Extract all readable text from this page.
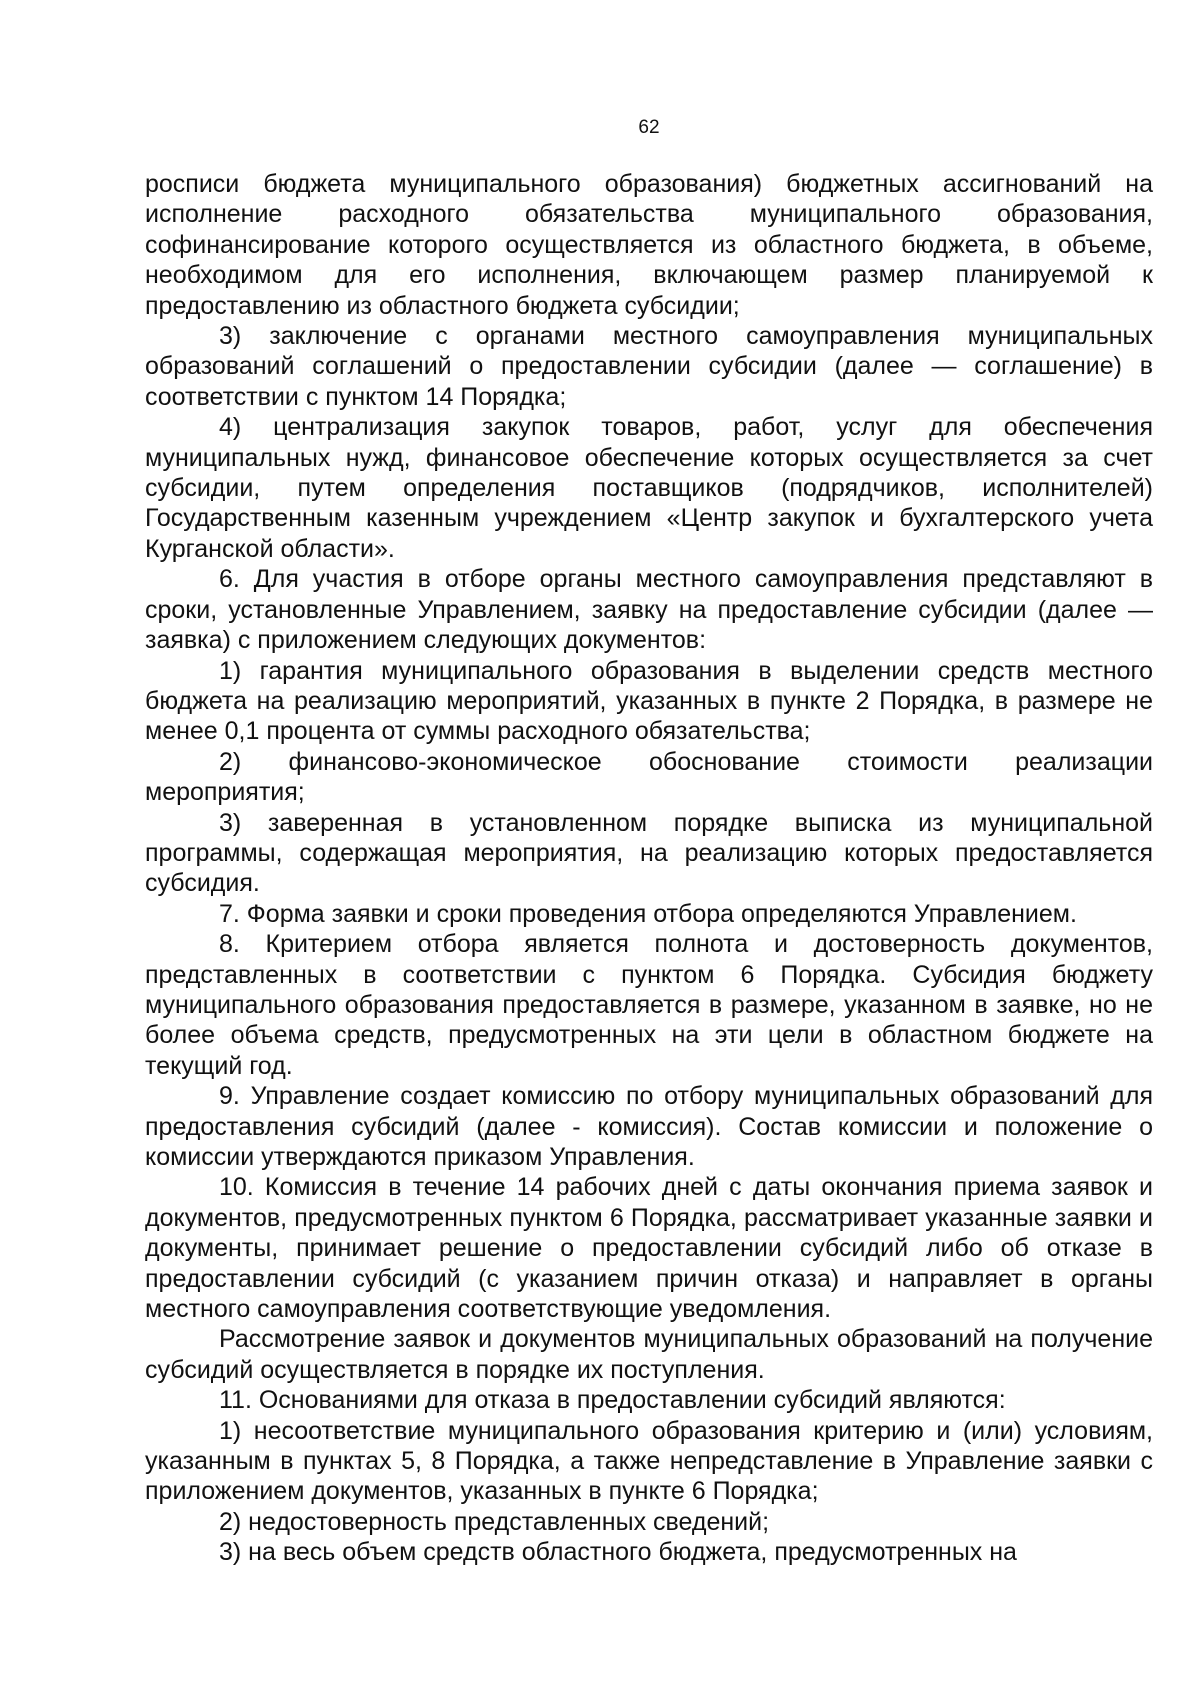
62

росписи бюджета муниципального образования) бюджетных ассигнований на исполнение расходного обязательства муниципального образования, софинансирование которого осуществляется из областного бюджета, в объеме, необходимом для его исполнения, включающем размер планируемой к предоставлению из областного бюджета субсидии;

3) заключение с органами местного самоуправления муниципальных образований соглашений о предоставлении субсидии (далее — соглашение) в соответствии с пунктом 14 Порядка;

4) централизация закупок товаров, работ, услуг для обеспечения муниципальных нужд, финансовое обеспечение которых осуществляется за счет субсидии, путем определения поставщиков (подрядчиков, исполнителей) Государственным казенным учреждением «Центр закупок и бухгалтерского учета Курганской области».

6. Для участия в отборе органы местного самоуправления представляют в сроки, установленные Управлением, заявку на предоставление субсидии (далее — заявка) с приложением следующих документов:

1) гарантия муниципального образования в выделении средств местного бюджета на реализацию мероприятий, указанных в пункте 2 Порядка, в размере не менее 0,1 процента от суммы расходного обязательства;

2) финансово-экономическое обоснование стоимости реализации мероприятия;

3) заверенная в установленном порядке выписка из муниципальной программы, содержащая мероприятия, на реализацию которых предоставляется субсидия.

7. Форма заявки и сроки проведения отбора определяются Управлением.

8. Критерием отбора является полнота и достоверность документов, представленных в соответствии с пунктом 6 Порядка. Субсидия бюджету муниципального образования предоставляется в размере, указанном в заявке, но не более объема средств, предусмотренных на эти цели в областном бюджете на текущий год.

9. Управление создает комиссию по отбору муниципальных образований для предоставления субсидий (далее - комиссия). Состав комиссии и положение о комиссии утверждаются приказом Управления.

10. Комиссия в течение 14 рабочих дней с даты окончания приема заявок и документов, предусмотренных пунктом 6 Порядка, рассматривает указанные заявки и документы, принимает решение о предоставлении субсидий либо об отказе в предоставлении субсидий (с указанием причин отказа) и направляет в органы местного самоуправления соответствующие уведомления.

Рассмотрение заявок и документов муниципальных образований на получение субсидий осуществляется в порядке их поступления.

11. Основаниями для отказа в предоставлении субсидий являются:

1) несоответствие муниципального образования критерию и (или) условиям, указанным в пунктах 5, 8 Порядка, а также непредставление в Управление заявки с приложением документов, указанных в пункте 6 Порядка;

2) недостоверность представленных сведений;

3) на весь объем средств областного бюджета, предусмотренных на
